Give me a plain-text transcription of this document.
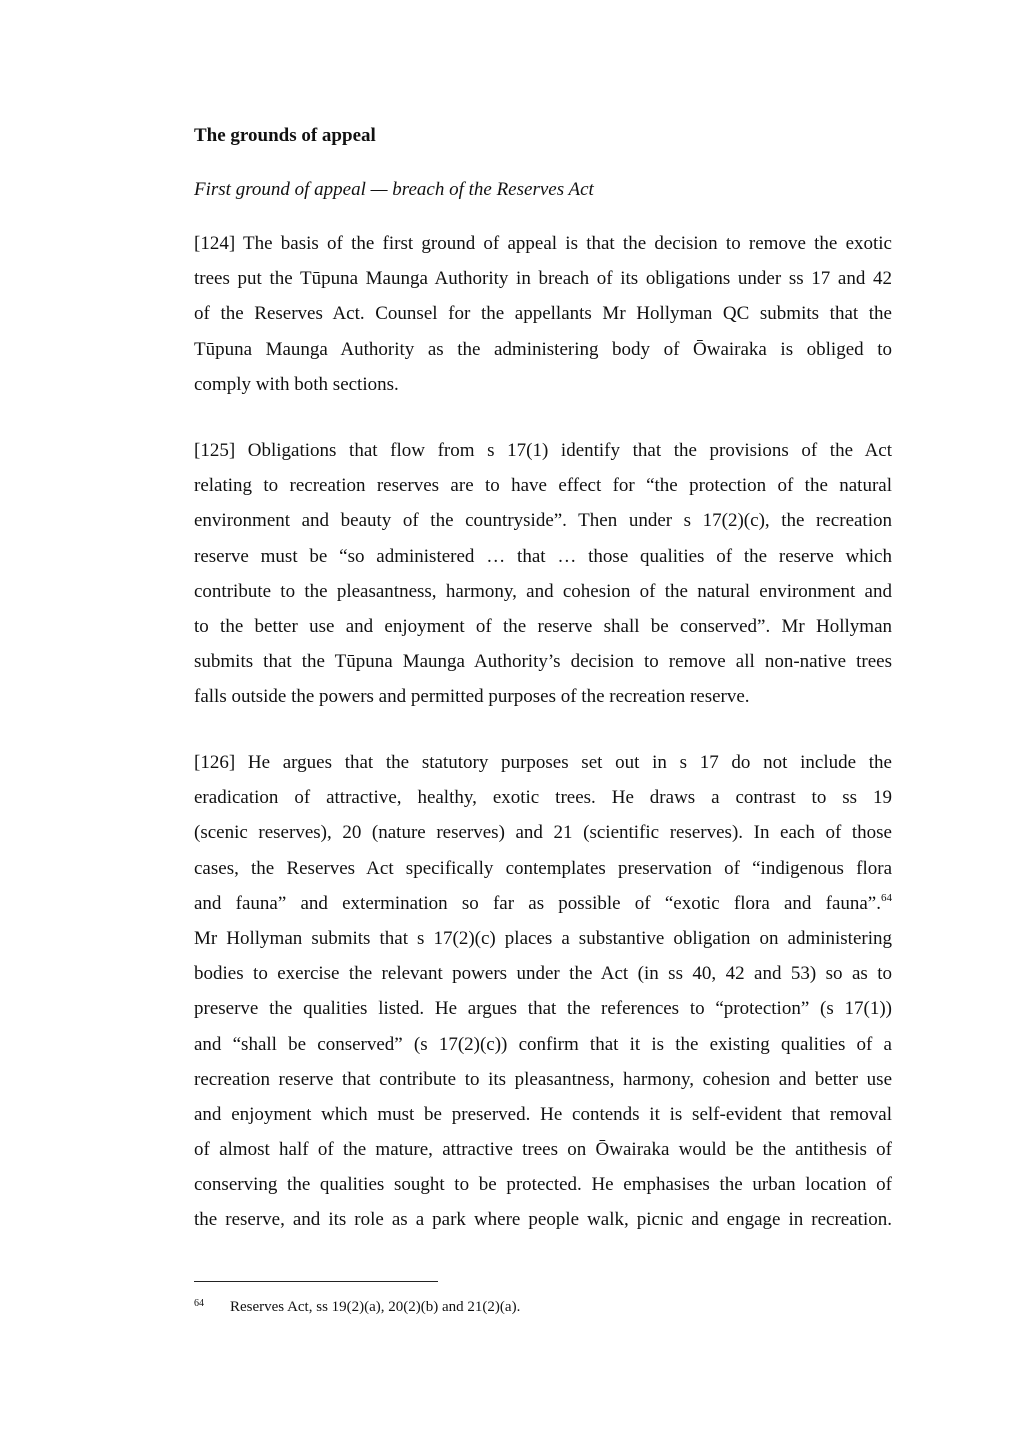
The grounds of appeal
First ground of appeal — breach of the Reserves Act
[124] The basis of the first ground of appeal is that the decision to remove the exotic
trees put the Tūpuna Maunga Authority in breach of its obligations under ss 17 and 42
of the Reserves Act. Counsel for the appellants Mr Hollyman QC submits that the
Tūpuna Maunga Authority as the administering body of Ōwairaka is obliged to
comply with both sections.
[125] Obligations that flow from s 17(1) identify that the provisions of the Act
relating to recreation reserves are to have effect for “the protection of the natural
environment and beauty of the countryside”. Then under s 17(2)(c), the recreation
reserve must be “so administered … that … those qualities of the reserve which
contribute to the pleasantness, harmony, and cohesion of the natural environment and
to the better use and enjoyment of the reserve shall be conserved”. Mr Hollyman
submits that the Tūpuna Maunga Authority’s decision to remove all non-native trees
falls outside the powers and permitted purposes of the recreation reserve.
[126] He argues that the statutory purposes set out in s 17 do not include the
eradication of attractive, healthy, exotic trees. He draws a contrast to ss 19
(scenic reserves), 20 (nature reserves) and 21 (scientific reserves). In each of those
cases, the Reserves Act specifically contemplates preservation of “indigenous flora
and fauna” and extermination so far as possible of “exotic flora and fauna”.$^{64}$
Mr Hollyman submits that s 17(2)(c) places a substantive obligation on administering
bodies to exercise the relevant powers under the Act (in ss 40, 42 and 53) so as to
preserve the qualities listed. He argues that the references to “protection” (s 17(1))
and “shall be conserved” (s 17(2)(c)) confirm that it is the existing qualities of a
recreation reserve that contribute to its pleasantness, harmony, cohesion and better use
and enjoyment which must be preserved. He contends it is self-evident that removal
of almost half of the mature, attractive trees on Ōwairaka would be the antithesis of
conserving the qualities sought to be protected. He emphasises the urban location of
the reserve, and its role as a park where people walk, picnic and engage in recreation.
64 Reserves Act, ss 19(2)(a), 20(2)(b) and 21(2)(a).
